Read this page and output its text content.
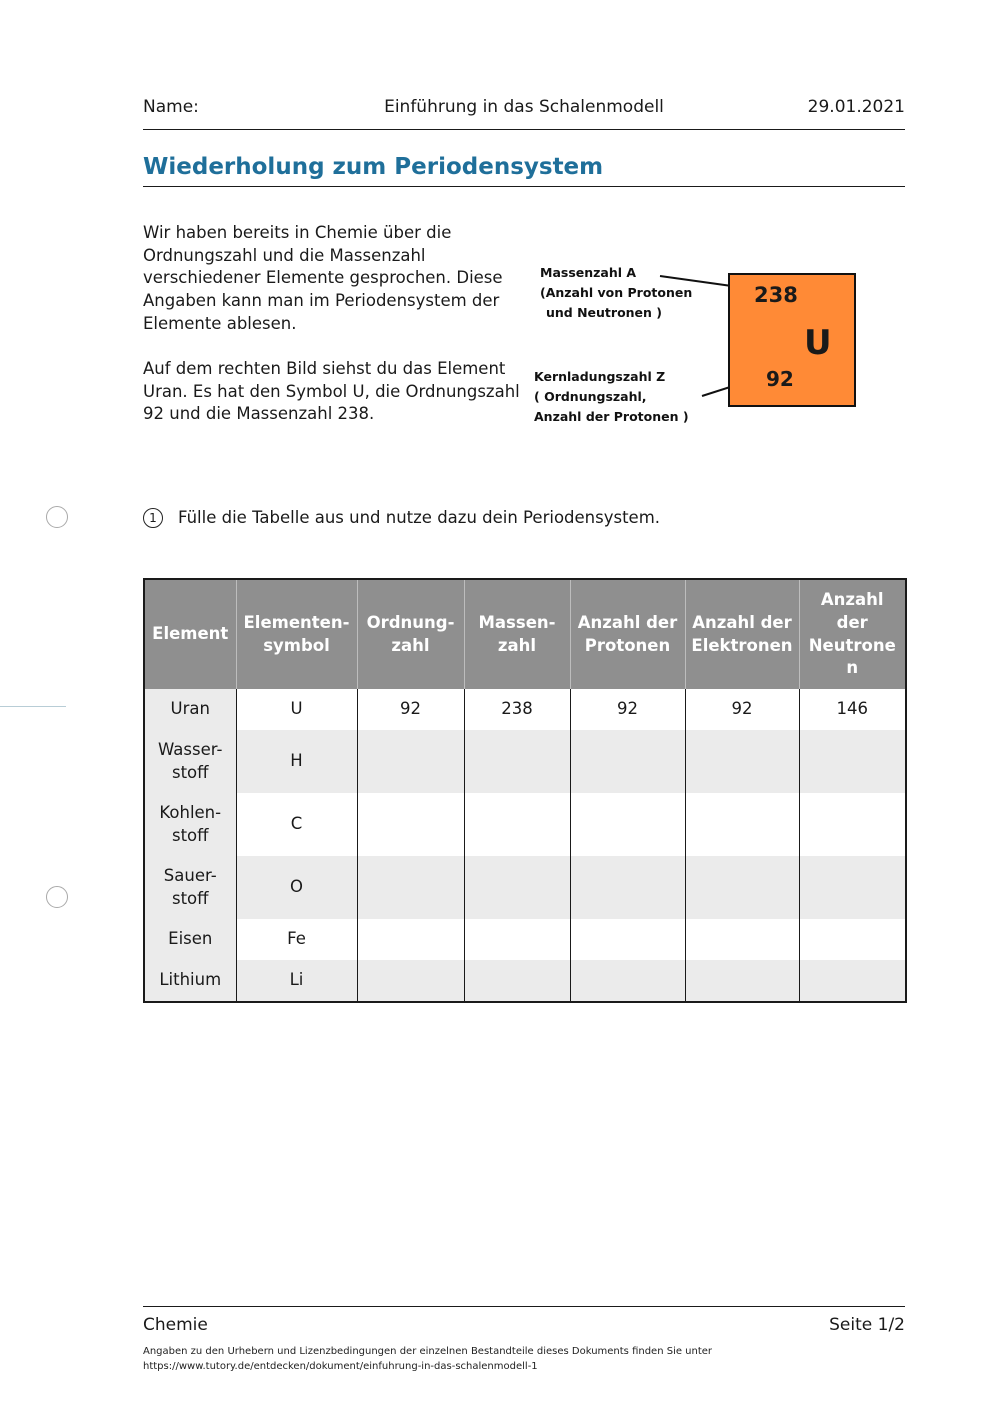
Einführung in das Schalenmodell
Name:	29.01.2021
Wiederholung zum Periodensystem
Wir haben bereits in Chemie über die Ordnungszahl und die Massenzahl verschiedener Elemente gesprochen. Diese Angaben kann man im Periodensystem der Elemente ablesen.
Auf dem rechten Bild siehst du das Element Uran. Es hat den Symbol U, die Ordnungszahl 92 und die Massenzahl 238.
Massenzahl A
(Anzahl von Protonen
und Neutronen )
Kernladungszahl Z
( Ordnungszahl,
Anzahl der Protonen )
238
U
92
1	Fülle die Tabelle aus und nutze dazu dein Periodensystem.
Element	Elementen-symbol	Ordnung-zahl	Massen-zahl	Anzahl der Protonen	Anzahl der Elektronen	Anzahl der Neutronen
Uran	U	92	238	92	92	146
Wasser-stoff	H					
Kohlen-stoff	C					
Sauer-stoff	O					
Eisen	Fe					
Lithium	Li					
Chemie	Seite 1/2
Angaben zu den Urhebern und Lizenzbedingungen der einzelnen Bestandteile dieses Dokuments finden Sie unter
https://www.tutory.de/entdecken/dokument/einfuhrung-in-das-schalenmodell-1
